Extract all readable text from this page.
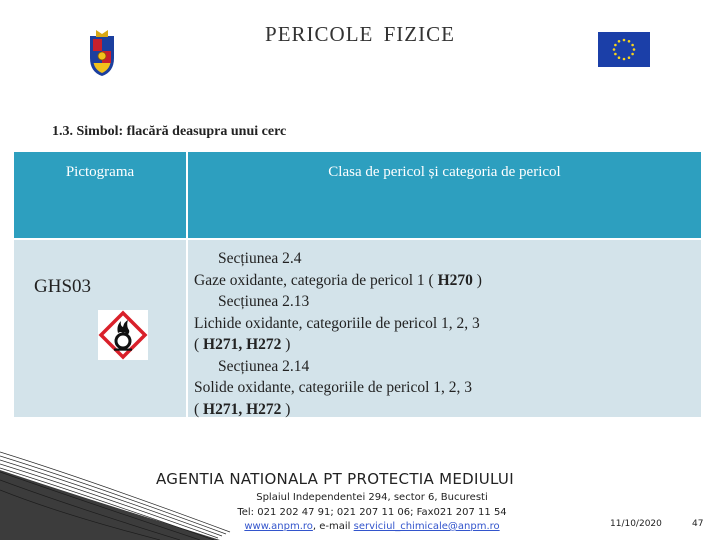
PERICOLE FIZICE
1.3. Simbol: flacără deasupra unui cerc
Pictograma	Clasa de pericol și categoria de pericol
GHS03
Secțiunea 2.4
Gaze oxidante, categoria de pericol 1 ( H270 )
Secțiunea 2.13
Lichide oxidante, categoriile de pericol 1, 2, 3
( H271, H272 )
Secțiunea 2.14
Solide oxidante, categoriile de pericol 1, 2, 3
( H271, H272 )
AGENTIA NATIONALA PT PROTECTIA MEDIULUI
Splaiul Independentei 294, sector 6, Bucuresti
Tel: 021 202 47 91; 021 207 11 06; Fax021 207 11 54
www.anpm.ro, e-mail serviciul_chimicale@anpm.ro	11/10/2020	47
